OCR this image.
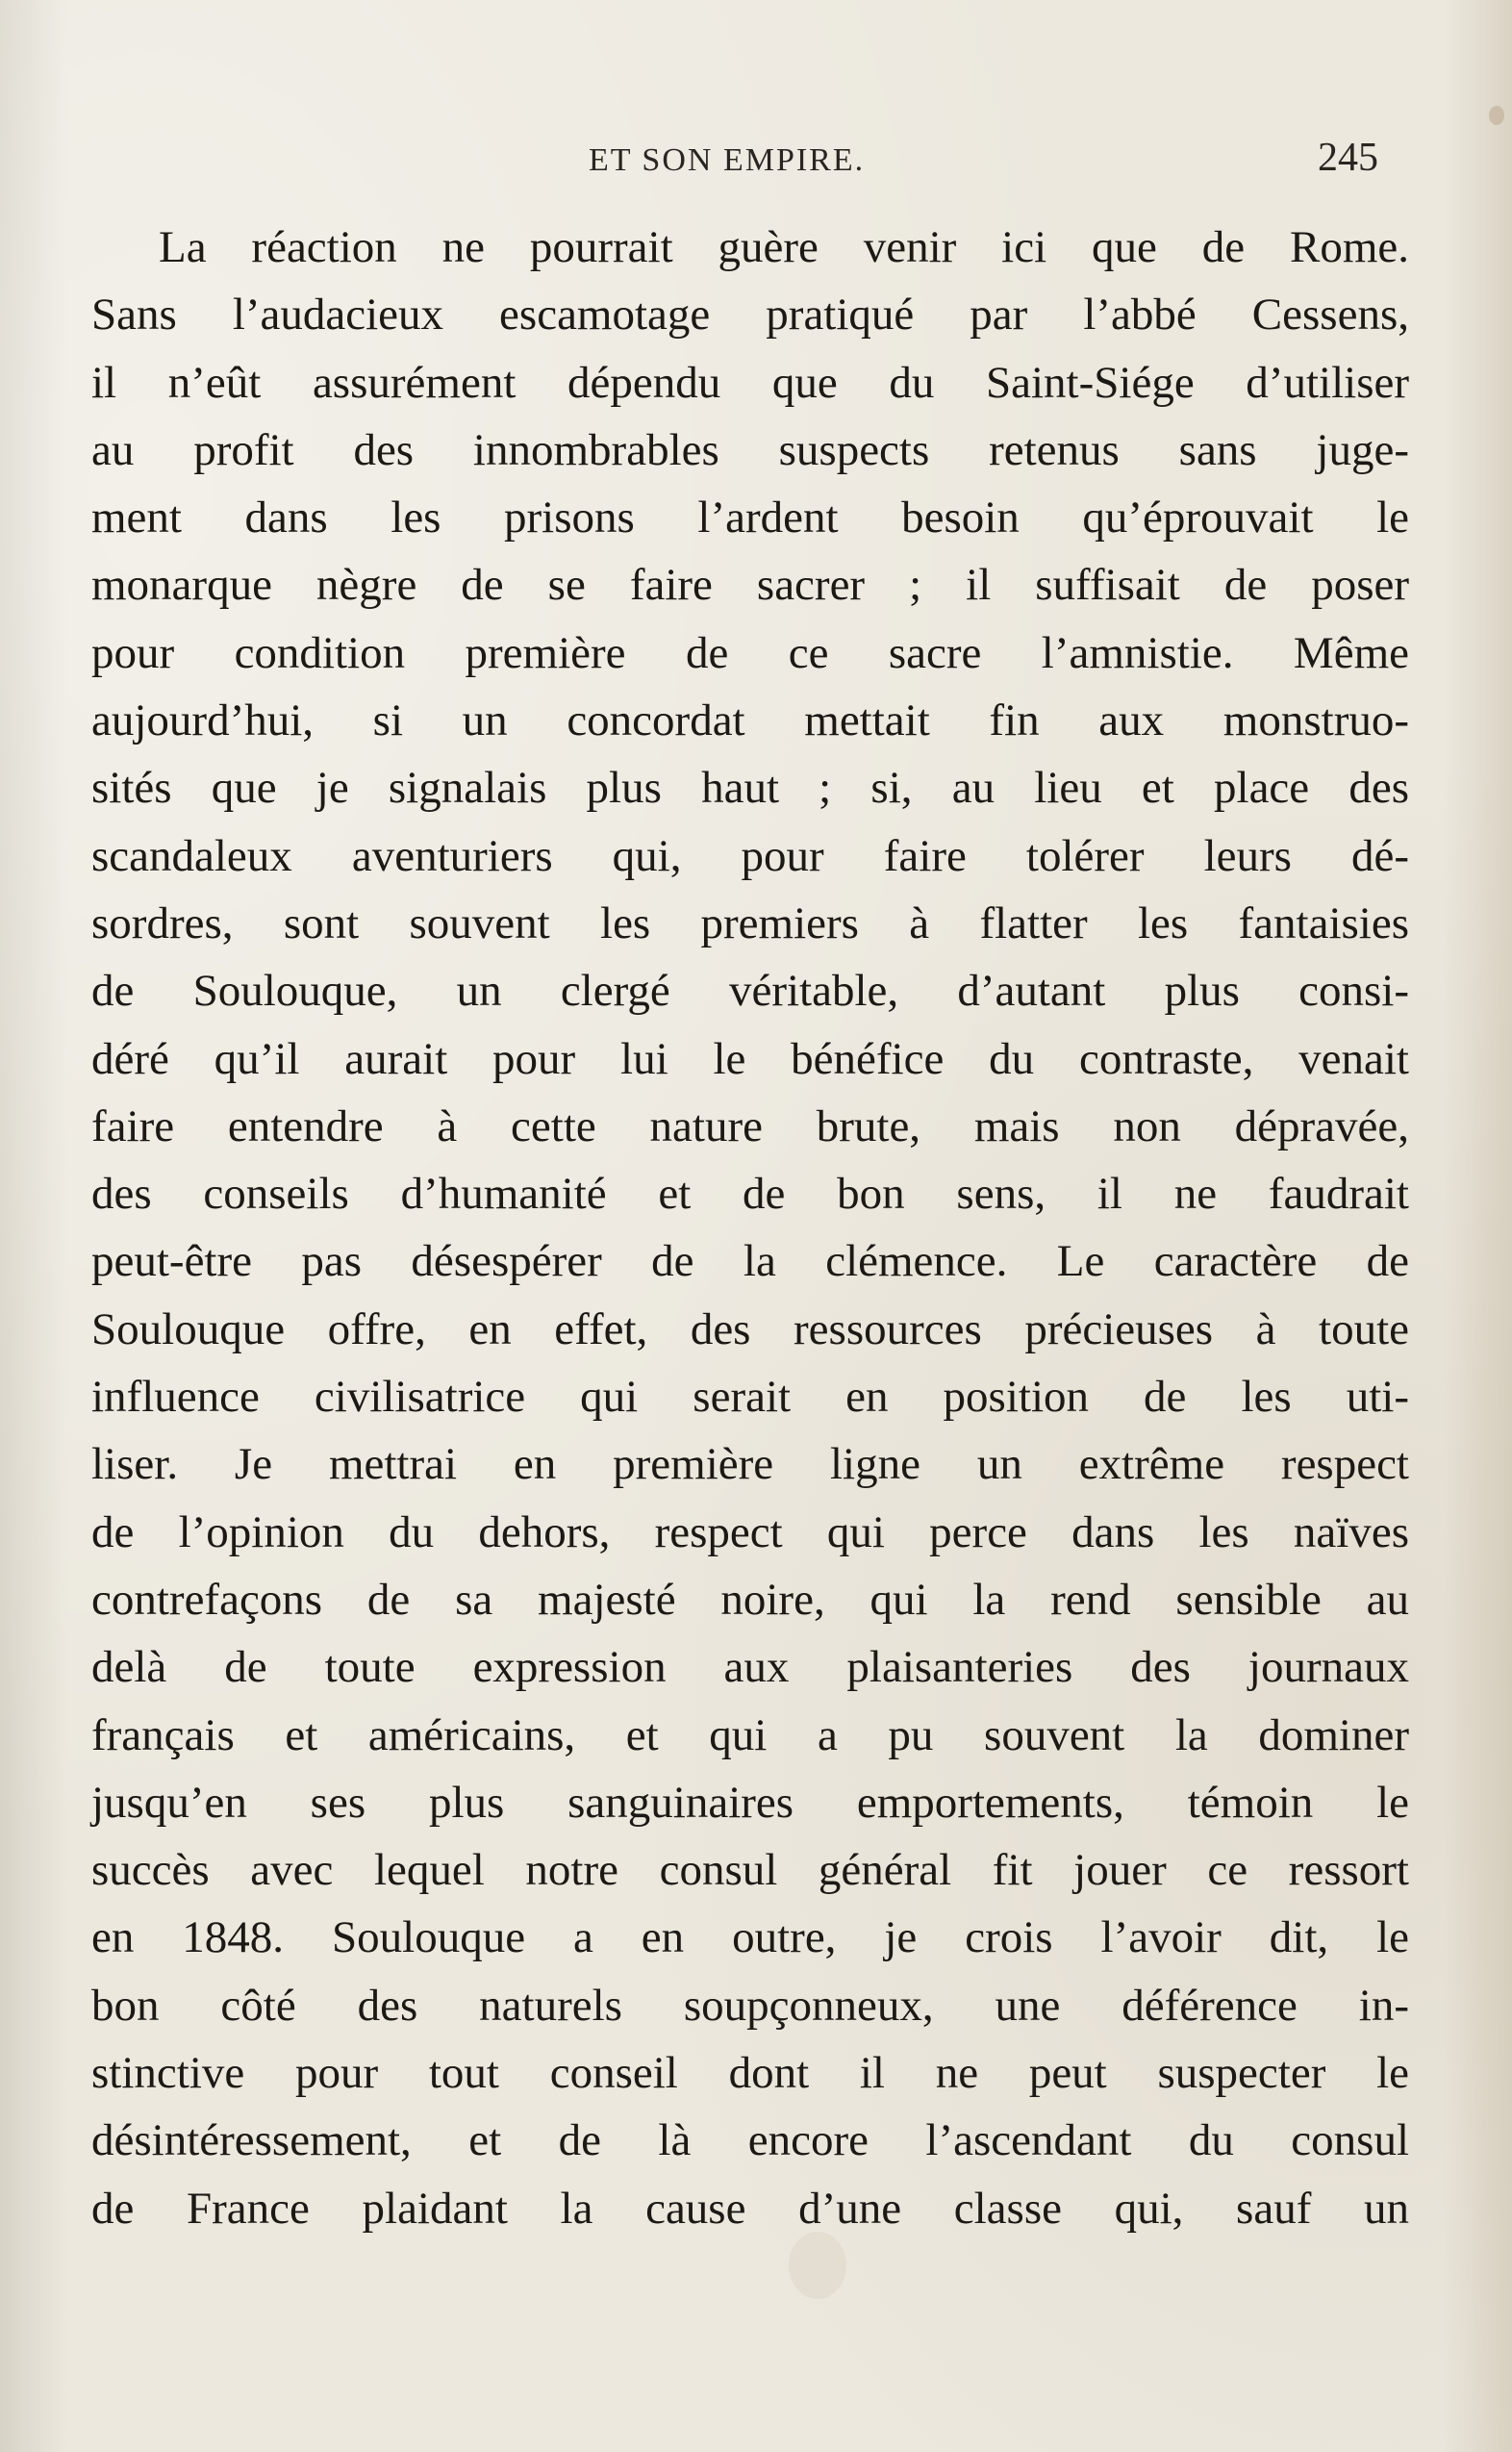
ET SON EMPIRE.	245
La réaction ne pourrait guère venir ici que de Rome.
Sans l’audacieux escamotage pratiqué par l’abbé Cessens,
il n’eût assurément dépendu que du Saint-Siége d’utiliser
au profit des innombrables suspects retenus sans juge-
ment dans les prisons l’ardent besoin qu’éprouvait le
monarque nègre de se faire sacrer ; il suffisait de poser
pour condition première de ce sacre l’amnistie. Même
aujourd’hui, si un concordat mettait fin aux monstruo-
sités que je signalais plus haut ; si, au lieu et place des
scandaleux aventuriers qui, pour faire tolérer leurs dé-
sordres, sont souvent les premiers à flatter les fantaisies
de Soulouque, un clergé véritable, d’autant plus consi-
déré qu’il aurait pour lui le bénéfice du contraste, venait
faire entendre à cette nature brute, mais non dépravée,
des conseils d’humanité et de bon sens, il ne faudrait
peut-être pas désespérer de la clémence. Le caractère de
Soulouque offre, en effet, des ressources précieuses à toute
influence civilisatrice qui serait en position de les uti-
liser. Je mettrai en première ligne un extrême respect
de l’opinion du dehors, respect qui perce dans les naïves
contrefaçons de sa majesté noire, qui la rend sensible au
delà de toute expression aux plaisanteries des journaux
français et américains, et qui a pu souvent la dominer
jusqu’en ses plus sanguinaires emportements, témoin le
succès avec lequel notre consul général fit jouer ce ressort
en 1848. Soulouque a en outre, je crois l’avoir dit, le
bon côté des naturels soupçonneux, une déférence in-
stinctive pour tout conseil dont il ne peut suspecter le
désintéressement, et de là encore l’ascendant du consul
de France plaidant la cause d’une classe qui, sauf un
